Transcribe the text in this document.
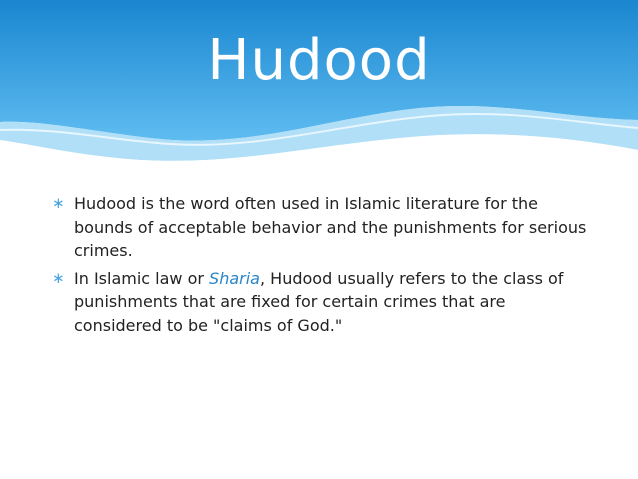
Hudood

∗ Hudood is the word often used in Islamic literature for the bounds of acceptable behavior and the punishments for serious crimes.

∗ In Islamic law or Sharia, Hudood usually refers to the class of punishments that are fixed for certain crimes that are considered to be "claims of God."
